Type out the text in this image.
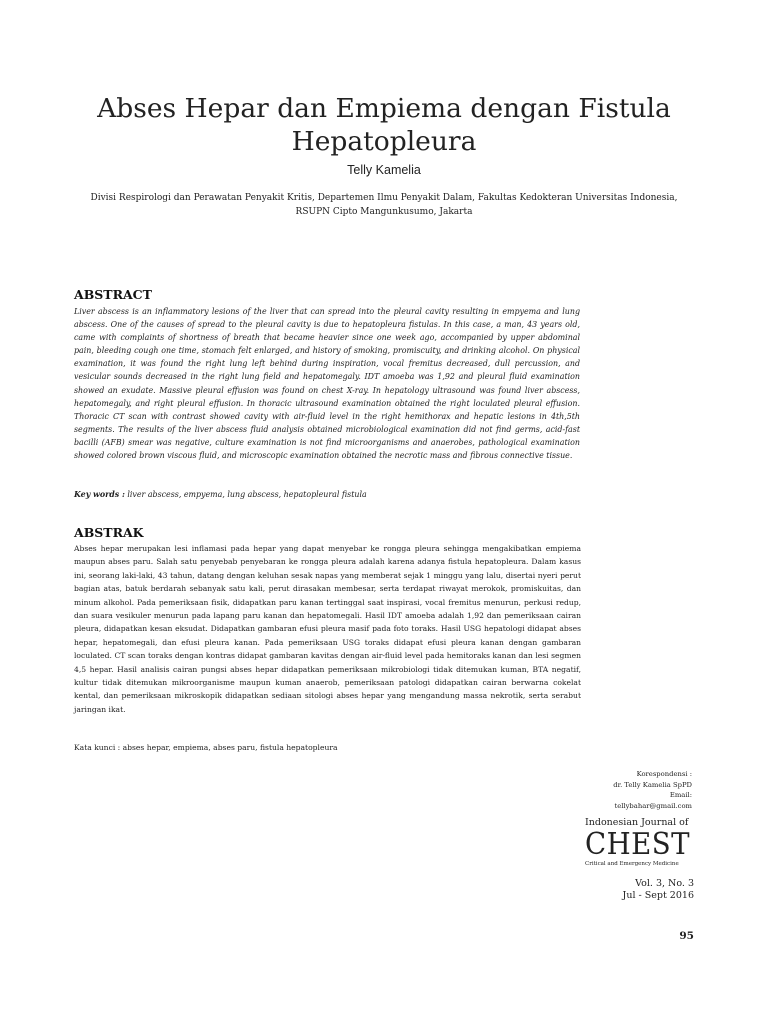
Abses Hepar dan Empiema dengan Fistula Hepatopleura
Telly Kamelia
Divisi Respirologi dan Perawatan Penyakit Kritis, Departemen Ilmu Penyakit Dalam, Fakultas Kedokteran Universitas Indonesia,
RSUPN Cipto Mangunkusumo, Jakarta
ABSTRACT
Liver abscess is an inflammatory lesions of the liver that can spread into the pleural cavity resulting in empyema and lung abscess. One of the causes of spread to the pleural cavity is due to hepatopleura fistulas. In this case, a man, 43 years old, came with complaints of shortness of breath that became heavier since one week ago, accompanied by upper abdominal pain, bleeding cough one time, stomach felt enlarged, and history of smoking, promiscuity, and drinking alcohol. On physical examination, it was found the right lung left behind during inspiration, vocal fremitus decreased, dull percussion, and vesicular sounds decreased in the right lung field and hepatomegaly. IDT amoeba was 1,92 and pleural fluid examination showed an exudate. Massive pleural effusion was found on chest X-ray. In hepatology ultrasound was found liver abscess, hepatomegaly, and right pleural effusion. In thoracic ultrasound examination obtained the right loculated pleural effusion. Thoracic CT scan with contrast showed cavity with air-fluid level in the right hemithorax and hepatic lesions in 4th,5th segments. The results of the liver abscess fluid analysis obtained microbiological examination did not find germs, acid-fast bacilli (AFB) smear was negative, culture examination is not find microorganisms and anaerobes, pathological examination showed colored brown viscous fluid, and microscopic examination obtained the necrotic mass and fibrous connective tissue.
Key words : liver abscess, empyema, lung abscess, hepatopleural fistula
ABSTRAK
Abses hepar merupakan lesi inflamasi pada hepar yang dapat menyebar ke rongga pleura sehingga mengakibatkan empiema maupun abses paru. Salah satu penyebab penyebaran ke rongga pleura adalah karena adanya fistula hepatopleura. Dalam kasus ini, seorang laki-laki, 43 tahun, datang dengan keluhan sesak napas yang memberat sejak 1 minggu yang lalu, disertai nyeri perut bagian atas, batuk berdarah sebanyak satu kali, perut dirasakan membesar, serta terdapat riwayat merokok, promiskuitas, dan minum alkohol. Pada pemeriksaan fisik, didapatkan paru kanan tertinggal saat inspirasi, vocal fremitus menurun, perkusi redup, dan suara vesikuler menurun pada lapang paru kanan dan hepatomegali. Hasil IDT amoeba adalah 1,92 dan pemeriksaan cairan pleura, didapatkan kesan eksudat. Didapatkan gambaran efusi pleura masif pada foto toraks. Hasil USG hepatologi didapat abses hepar, hepatomegali, dan efusi pleura kanan. Pada pemeriksaan USG toraks didapat efusi pleura kanan dengan gambaran loculated. CT scan toraks dengan kontras didapat gambaran kavitas dengan air-fluid level pada hemitoraks kanan dan lesi segmen 4,5 hepar. Hasil analisis cairan pungsi abses hepar didapatkan pemeriksaan mikrobiologi tidak ditemukan kuman, BTA negatif, kultur tidak ditemukan mikroorganisme maupun kuman anaerob, pemeriksaan patologi didapatkan cairan berwarna cokelat kental, dan pemeriksaan mikroskopik didapatkan sediaan sitologi abses hepar yang mengandung massa nekrotik, serta serabut jaringan ikat.
Kata kunci : abses hepar, empiema, abses paru, fistula hepatopleura
Korespondensi :
dr. Telly Kamelia SpPD
Email:
tellybahar@gmail.com
Indonesian Journal of
CHEST
Critical and Emergency Medicine
Vol. 3, No. 3
Jul - Sept 2016
95
